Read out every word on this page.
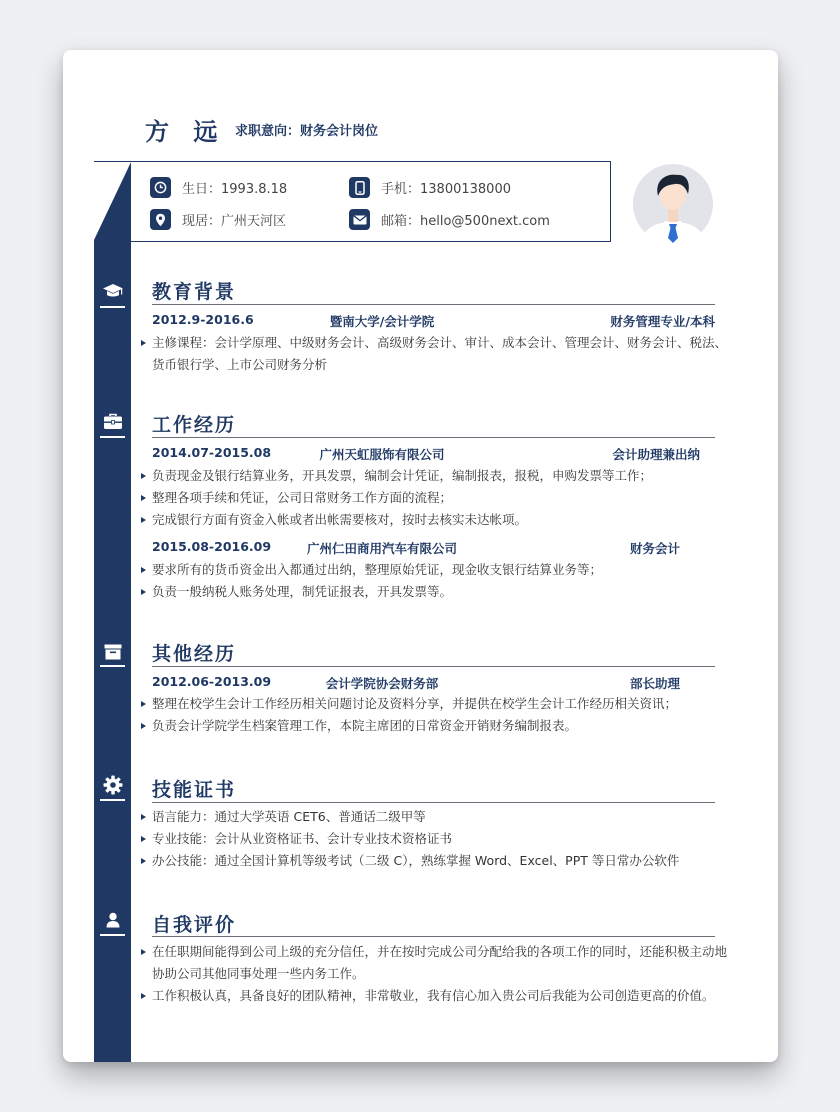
方 远 求职意向：财务会计岗位
生日：1993.8.18
现居：广州天河区
手机：13800138000
邮箱：hello@500next.com
教育背景
2012.9-2016.6	暨南大学/会计学院	财务管理专业/本科
主修课程：会计学原理、中级财务会计、高级财务会计、审计、成本会计、管理会计、财务会计、税法、货币银行学、上市公司财务分析
工作经历
2014.07-2015.08	广州天虹服饰有限公司	会计助理兼出纳
负责现金及银行结算业务，开具发票，编制会计凭证，编制报表，报税，申购发票等工作；
整理各项手续和凭证，公司日常财务工作方面的流程；
完成银行方面有资金入帐或者出帐需要核对，按时去核实未达帐项。
2015.08-2016.09	广州仁田商用汽车有限公司	财务会计
要求所有的货币资金出入都通过出纳，整理原始凭证，现金收支银行结算业务等；
负责一般纳税人账务处理，制凭证报表，开具发票等。
其他经历
2012.06-2013.09	会计学院协会财务部	部长助理
整理在校学生会计工作经历相关问题讨论及资料分享，并提供在校学生会计工作经历相关资讯；
负责会计学院学生档案管理工作，本院主席团的日常资金开销财务编制报表。
技能证书
语言能力：通过大学英语 CET6、普通话二级甲等
专业技能：会计从业资格证书、会计专业技术资格证书
办公技能：通过全国计算机等级考试（二级 C），熟练掌握 Word、Excel、PPT 等日常办公软件
自我评价
在任职期间能得到公司上级的充分信任，并在按时完成公司分配给我的各项工作的同时，还能积极主动地协助公司其他同事处理一些内务工作。
工作积极认真，具备良好的团队精神，非常敬业，我有信心加入贵公司后我能为公司创造更高的价值。
